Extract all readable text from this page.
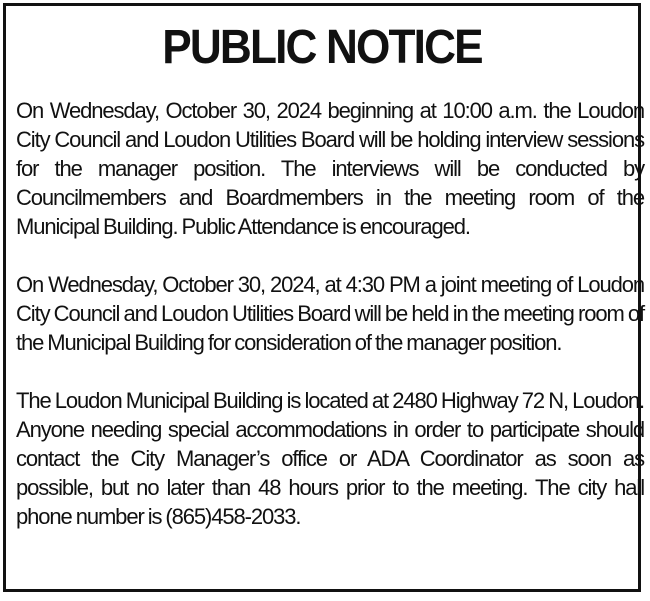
PUBLIC NOTICE

On Wednesday, October 30, 2024 beginning at 10:00 a.m. the Loudon City Council and Loudon Utilities Board will be holding interview sessions for the manager position. The interviews will be conducted by Councilmembers and Boardmembers in the meeting room of the Municipal Building. Public Attendance is encouraged.

On Wednesday, October 30, 2024, at 4:30 PM a joint meeting of Loudon City Council and Loudon Utilities Board will be held in the meeting room of the Municipal Building for consideration of the manager position.

The Loudon Municipal Building is located at 2480 Highway 72 N, Loudon. Anyone needing special accommodations in order to participate should contact the City Manager’s office or ADA Coordinator as soon as possible, but no later than 48 hours prior to the meeting. The city hall phone number is (865)458-2033.
